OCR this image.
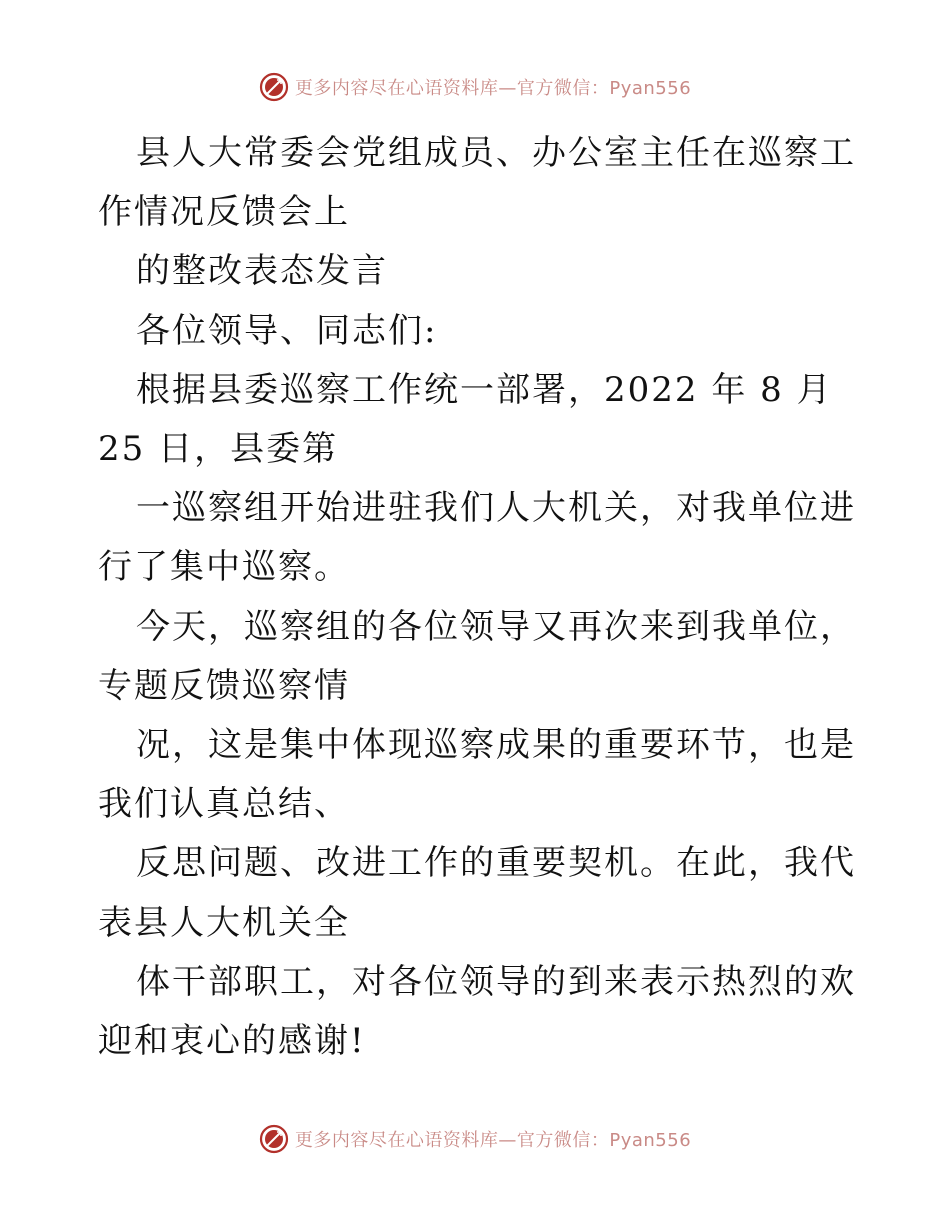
更多内容尽在心语资料库—官方微信：Pyan556

县人大常委会党组成员、办公室主任在巡察工作情况反馈会上

的整改表态发言

各位领导、同志们:

根据县委巡察工作统一部署，2022 年 8 月 25 日，县委第

一巡察组开始进驻我们人大机关，对我单位进行了集中巡察。

今天，巡察组的各位领导又再次来到我单位，专题反馈巡察情

况，这是集中体现巡察成果的重要环节，也是我们认真总结、

反思问题、改进工作的重要契机。在此，我代表县人大机关全

体干部职工，对各位领导的到来表示热烈的欢迎和衷心的感谢!

更多内容尽在心语资料库—官方微信：Pyan556
